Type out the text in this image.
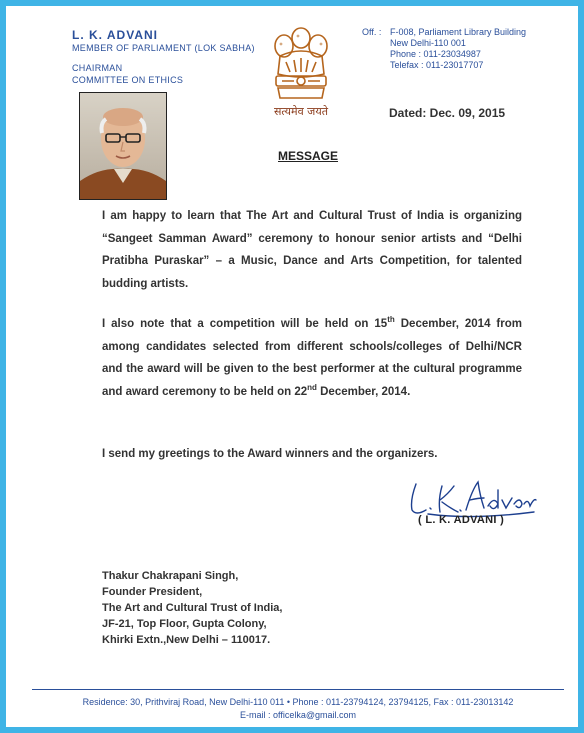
L. K. ADVANI
MEMBER OF PARLIAMENT (LOK SABHA)
CHAIRMAN
COMMITTEE ON ETHICS
सत्यमेव जयते
Off. : F-008, Parliament Library Building
New Delhi-110 001
Phone : 011-23034987
Telefax : 011-23017707
Dated: Dec. 09, 2015
MESSAGE
I am happy to learn that The Art and Cultural Trust of India is organizing “Sangeet Samman Award” ceremony to honour senior artists and “Delhi Pratibha Puraskar” – a Music, Dance and Arts Competition, for talented budding artists.
I also note that a competition will be held on 15th December, 2014 from among candidates selected from different schools/colleges of Delhi/NCR and the award will be given to the best performer at the cultural programme and award ceremony to be held on 22nd December, 2014.
I send my greetings to the Award winners and the organizers.
( L. K. ADVANI )
Thakur Chakrapani Singh,
Founder President,
The Art and Cultural Trust of India,
JF-21, Top Floor, Gupta Colony,
Khirki Extn.,New Delhi – 110017.
Residence: 30, Prithviraj Road, New Delhi-110 011 • Phone : 011-23794124, 23794125, Fax : 011-23013142
E-mail : officelka@gmail.com
